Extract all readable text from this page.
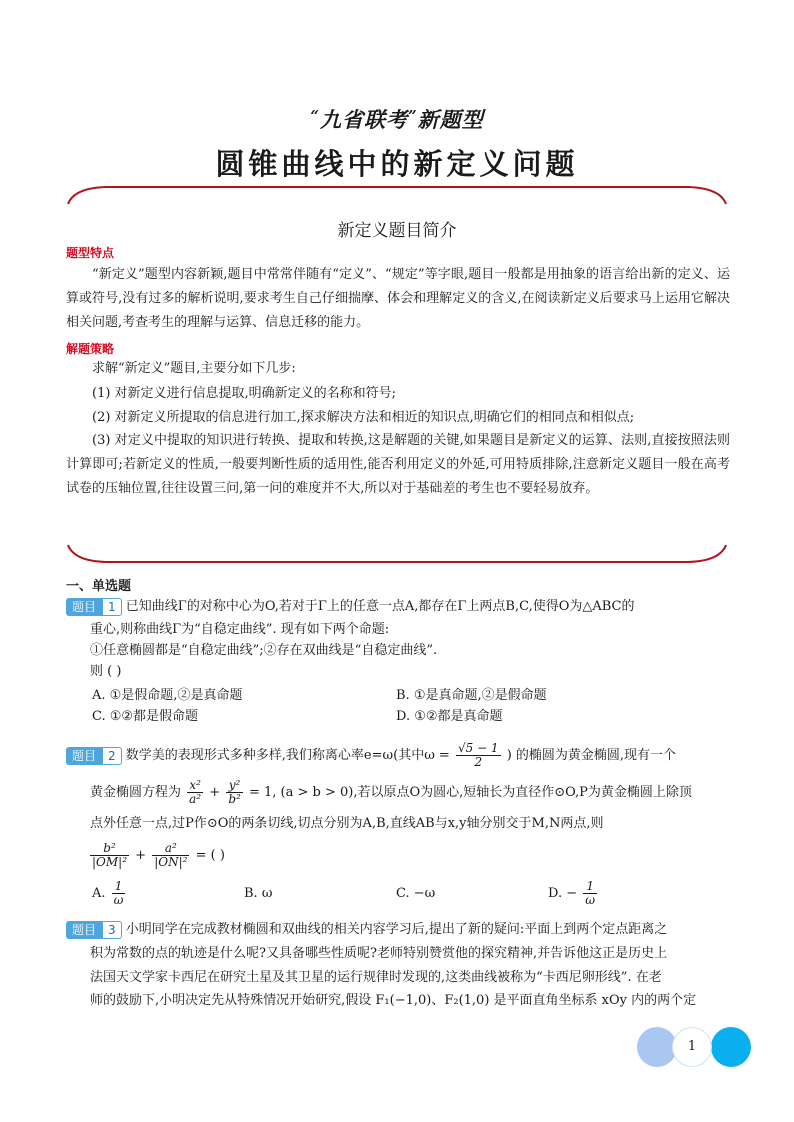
“九省联考”新题型
圆锥曲线中的新定义问题
新定义题目简介
题型特点
“新定义”题型内容新颖,题目中常常伴随有“定义”、“规定”等字眼,题目一般都是用抽象的语言给出新的定义、运算或符号,没有过多的解析说明,要求考生自己仔细揣摩、体会和理解定义的含义,在阅读新定义后要求马上运用它解决相关问题,考查考生的理解与运算、信息迁移的能力。
解题策略
求解“新定义”题目,主要分如下几步:
(1) 对新定义进行信息提取,明确新定义的名称和符号;
(2) 对新定义所提取的信息进行加工,探求解决方法和相近的知识点,明确它们的相同点和相似点;
(3) 对定义中提取的知识进行转换、提取和转换,这是解题的关键,如果题目是新定义的运算、法则,直接按照法则计算即可;若新定义的性质,一般要判断性质的适用性,能否利用定义的外延,可用特质排除,注意新定义题目一般在高考试卷的压轴位置,往往设置三问,第一问的难度并不大,所以对于基础差的考生也不要轻易放弃。
一、单选题
题目 1 已知曲线Γ的对称中心为O,若对于Γ上的任意一点A,都存在Γ上两点B,C,使得O为△ABC的
重心,则称曲线Γ为“自稳定曲线”. 现有如下两个命题:
①任意椭圆都是“自稳定曲线”;②存在双曲线是“自稳定曲线”.
则 ( )
A. ①是假命题,②是真命题	B. ①是真命题,②是假命题
C. ①②都是假命题	D. ①②都是真命题
题目 2 数学美的表现形式多种多样,我们称离心率e=ω(其中$\omega = \frac{√5 - 1}{2}$ ) 的椭圆为黄金椭圆,现有一个
黄金椭圆方程为 $\frac{\text{x²}}{\text{a²}} + \frac{\text{y²}}{\text{b²}} = 1$, (a > b > 0),若以原点O为圆心,短轴长为直径作⊙O,P为黄金椭圆上除顶
点外任意一点,过P作⊙O的两条切线,切点分别为A,B,直线AB与x,y轴分别交于M,N两点,则
$\frac{\text{b²}}{\text{|OM|²}} + \frac{\text{a²}}{\text{|ON|²}}$ = ( )
A. $\frac{1}{\omega}$	B. ω	C. −ω	D. − $\frac{1}{\omega}$
题目 3 小明同学在完成教材椭圆和双曲线的相关内容学习后,提出了新的疑问:平面上到两个定点距离之
积为常数的点的轨迹是什么呢?又具备哪些性质呢?老师特别赞赏他的探究精神,并告诉他这正是历史上
法国天文学家卡西尼在研究土星及其卫星的运行规律时发现的,这类曲线被称为“卡西尼卵形线”. 在老
师的鼓励下,小明决定先从特殊情况开始研究,假设 F₁(−1,0)、F₂(1,0) 是平面直角坐标系 xOy 内的两个定
1
